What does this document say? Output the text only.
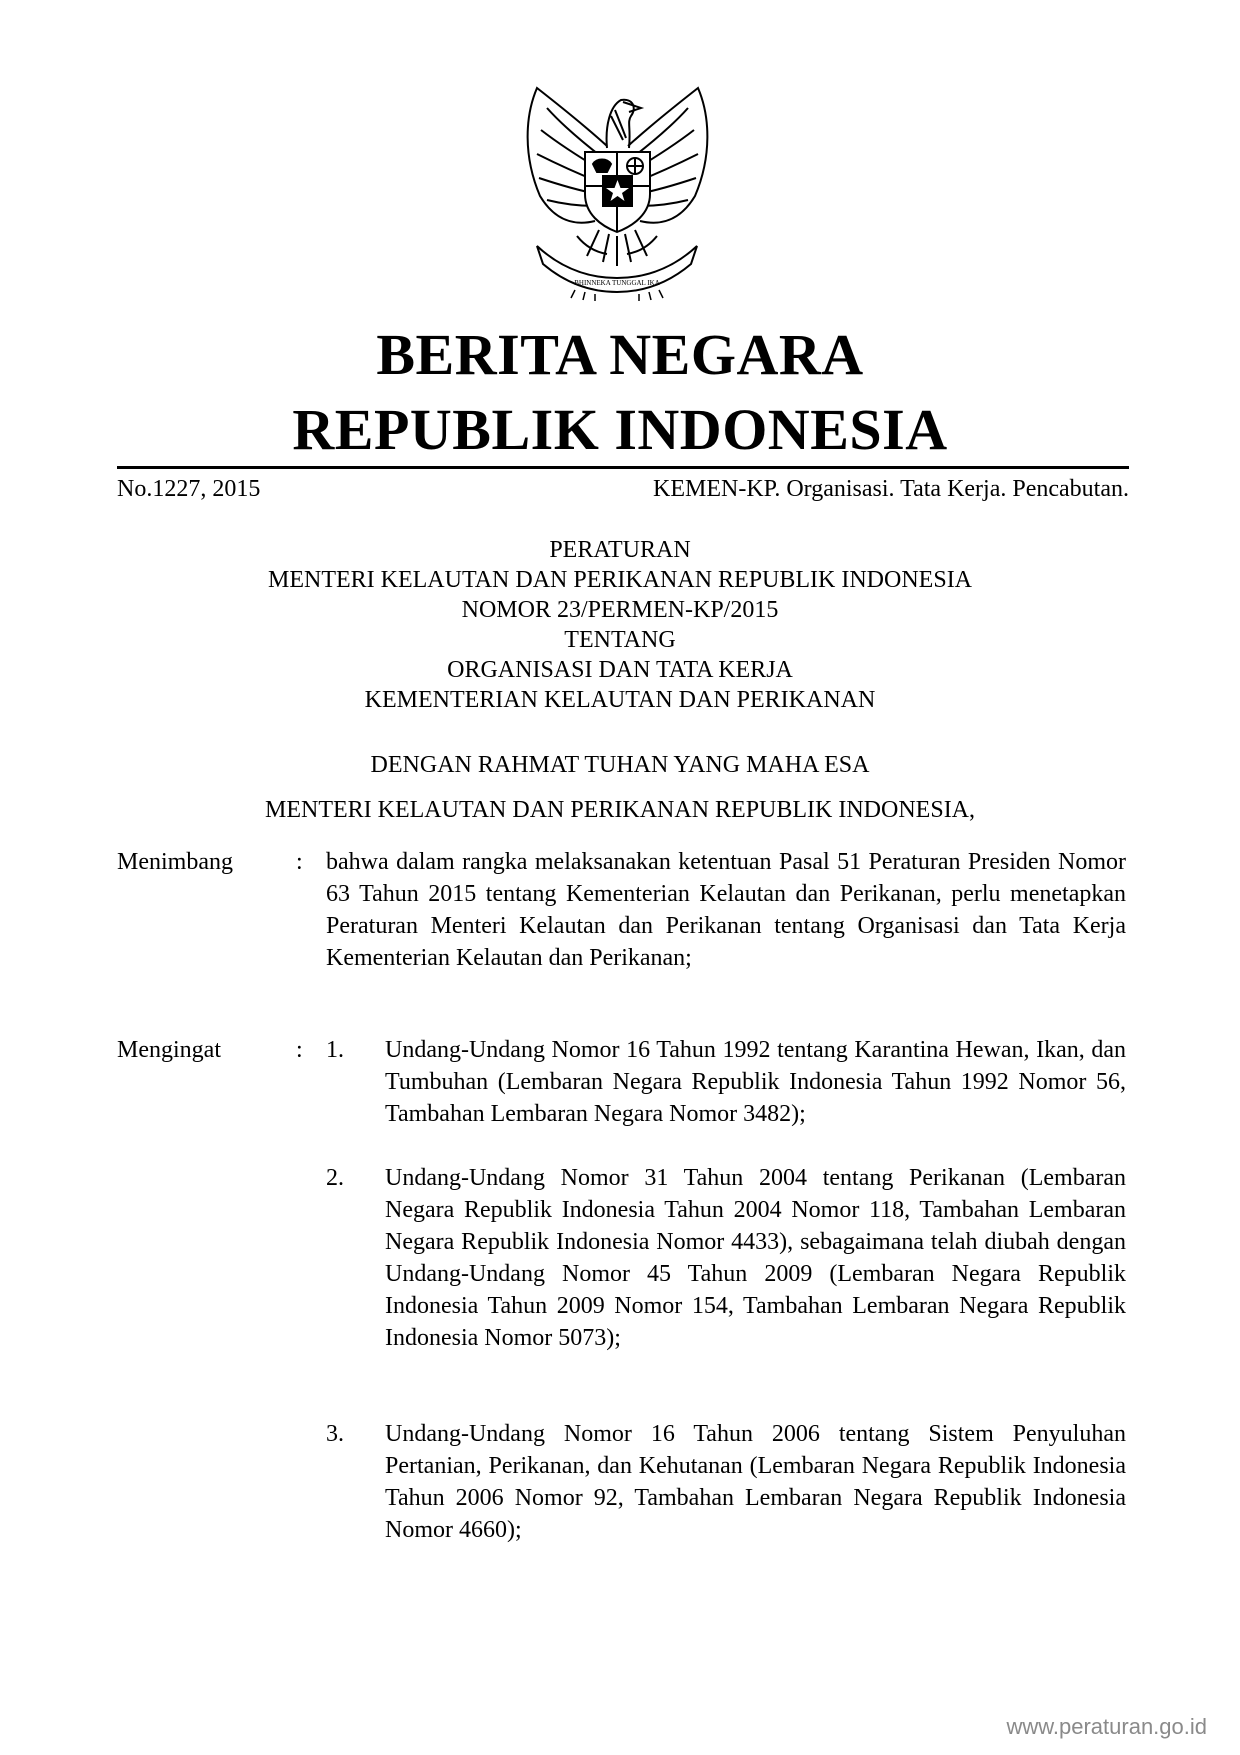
BHINNEKA TUNGGAL IKA
BERITA NEGARA
REPUBLIK INDONESIA
No.1227, 2015	KEMEN-KP. Organisasi. Tata Kerja. Pencabutan.
PERATURAN
MENTERI KELAUTAN DAN PERIKANAN REPUBLIK INDONESIA
NOMOR 23/PERMEN-KP/2015
TENTANG
ORGANISASI DAN TATA KERJA
KEMENTERIAN KELAUTAN DAN PERIKANAN
DENGAN RAHMAT TUHAN YANG MAHA ESA
MENTERI KELAUTAN DAN PERIKANAN REPUBLIK INDONESIA,
Menimbang	: bahwa dalam rangka melaksanakan ketentuan Pasal 51 Peraturan Presiden Nomor 63 Tahun 2015 tentang Kementerian Kelautan dan Perikanan, perlu menetapkan Peraturan Menteri Kelautan dan Perikanan tentang Organisasi dan Tata Kerja Kementerian Kelautan dan Perikanan;

Mengingat	: 1. Undang-Undang Nomor 16 Tahun 1992 tentang Karantina Hewan, Ikan, dan Tumbuhan (Lembaran Negara Republik Indonesia Tahun 1992 Nomor 56, Tambahan Lembaran Negara Nomor 3482);

2. Undang-Undang Nomor 31 Tahun 2004 tentang Perikanan (Lembaran Negara Republik Indonesia Tahun 2004 Nomor 118, Tambahan Lembaran Negara Republik Indonesia Nomor 4433), sebagaimana telah diubah dengan Undang-Undang Nomor 45 Tahun 2009 (Lembaran Negara Republik Indonesia Tahun 2009 Nomor 154, Tambahan Lembaran Negara Republik Indonesia Nomor 5073);

3. Undang-Undang Nomor 16 Tahun 2006 tentang Sistem Penyuluhan Pertanian, Perikanan, dan Kehutanan (Lembaran Negara Republik Indonesia Tahun 2006 Nomor 92, Tambahan Lembaran Negara Republik Indonesia Nomor 4660);

www.peraturan.go.id
